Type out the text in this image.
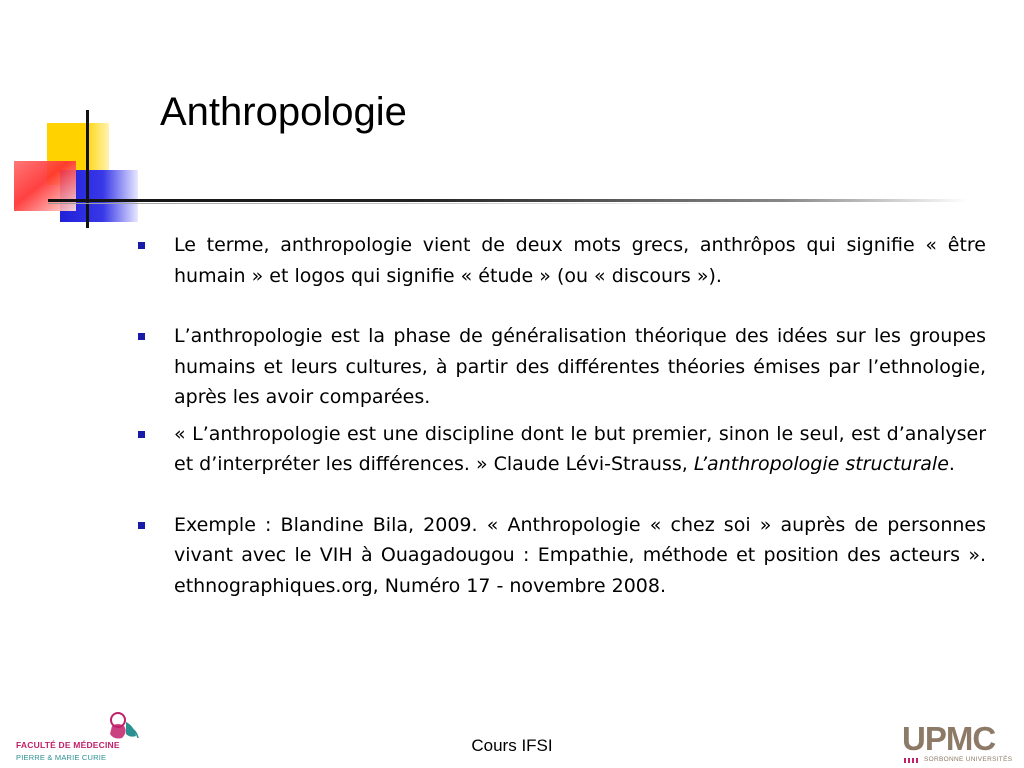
Anthropologie
Le terme, anthropologie vient de deux mots grecs, anthrôpos qui signifie « être humain » et logos qui signifie « étude » (ou « discours »).
L’anthropologie est la phase de généralisation théorique des idées sur les groupes humains et leurs cultures, à partir des différentes théories émises par l’ethnologie, après les avoir comparées.
« L’anthropologie est une discipline dont le but premier, sinon le seul, est d’analyser et d’interpréter les différences. » Claude Lévi-Strauss, L’anthropologie structurale.
Exemple : Blandine Bila, 2009. « Anthropologie « chez soi » auprès de personnes vivant avec le VIH à Ouagadougou : Empathie, méthode et position des acteurs ». ethnographiques.org, Numéro 17 - novembre 2008.
Cours IFSI
FACULTÉ DE MÉDECINE
PIERRE & MARIE CURIE
UPMC
SORBONNE UNIVERSITÉS
